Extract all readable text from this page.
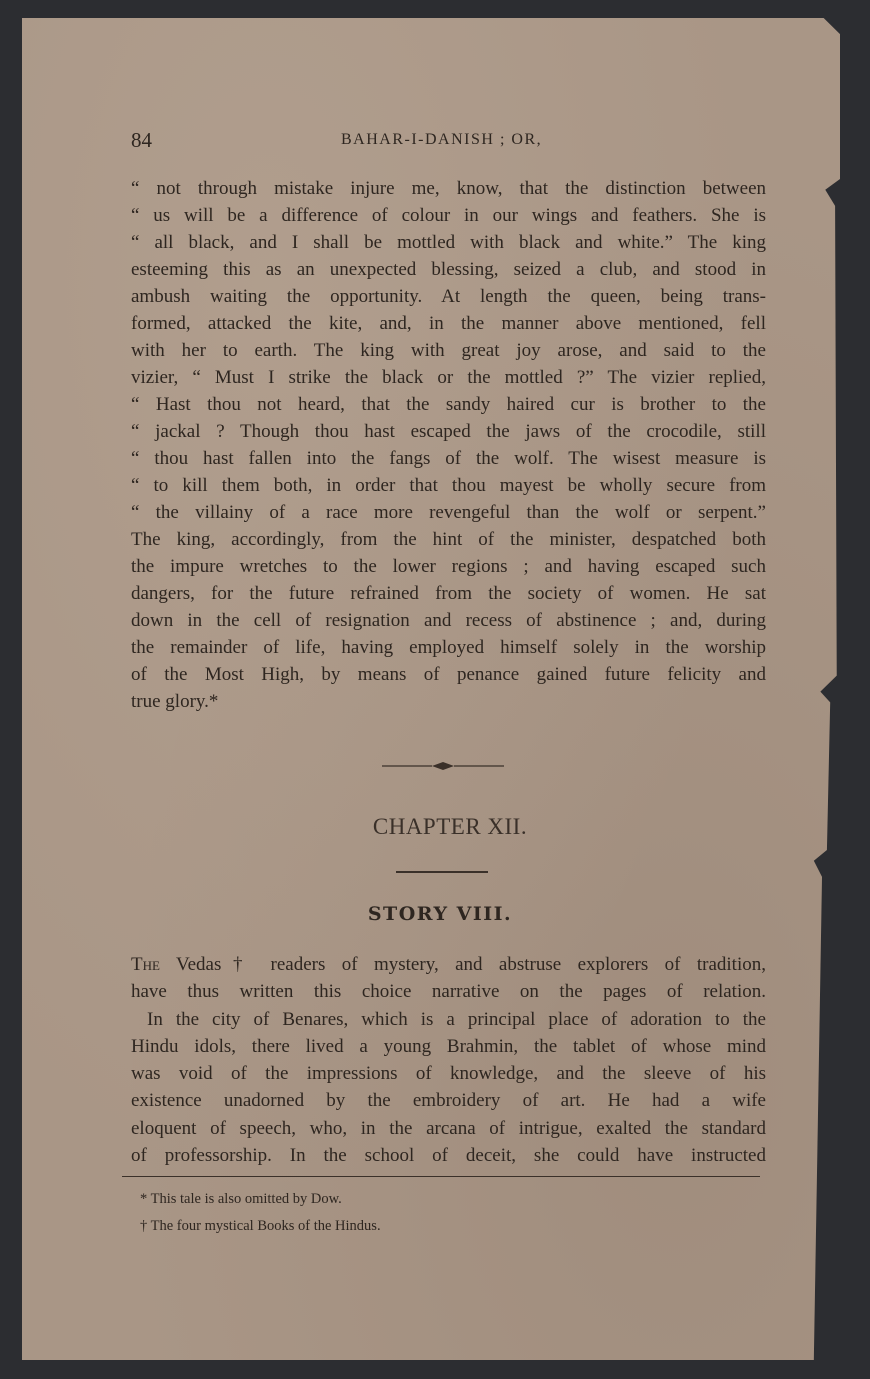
84	BAHAR-I-DANISH ; OR,
“ not through mistake injure me, know, that the distinction between
“ us will be a difference of colour in our wings and feathers. She is
“ all black, and I shall be mottled with black and white.” The king
esteeming this as an unexpected blessing, seized a club, and stood in
ambush waiting the opportunity. At length the queen, being trans-
formed, attacked the kite, and, in the manner above mentioned, fell
with her to earth. The king with great joy arose, and said to the
vizier, “ Must I strike the black or the mottled ?” The vizier replied,
“ Hast thou not heard, that the sandy haired cur is brother to the
“ jackal ? Though thou hast escaped the jaws of the crocodile, still
“ thou hast fallen into the fangs of the wolf. The wisest measure is
“ to kill them both, in order that thou mayest be wholly secure from
“ the villainy of a race more revengeful than the wolf or serpent.”
The king, accordingly, from the hint of the minister, despatched both
the impure wretches to the lower regions ; and having escaped such
dangers, for the future refrained from the society of women. He sat
down in the cell of resignation and recess of abstinence ; and, during
the remainder of life, having employed himself solely in the worship
of the Most High, by means of penance gained future felicity and
true glory.*
CHAPTER XII.
STORY VIII.
The Vedas† readers of mystery, and abstruse explorers of tradition,
have thus written this choice narrative on the pages of relation.
In the city of Benares, which is a principal place of adoration to the
Hindu idols, there lived a young Brahmin, the tablet of whose mind
was void of the impressions of knowledge, and the sleeve of his
existence unadorned by the embroidery of art. He had a wife
eloquent of speech, who, in the arcana of intrigue, exalted the standard
of professorship. In the school of deceit, she could have instructed
* This tale is also omitted by Dow.
† The four mystical Books of the Hindus.
